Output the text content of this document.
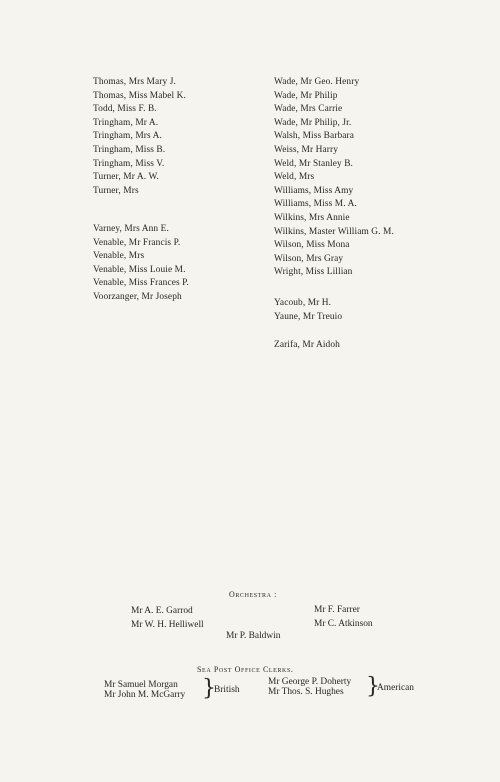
Thomas, Mrs Mary J.
Thomas, Miss Mabel K.
Todd, Miss F. B.
Tringham, Mr A.
Tringham, Mrs A.
Tringham, Miss B.
Tringham, Miss V.
Turner, Mr A. W.
Turner, Mrs
Varney, Mrs Ann E.
Venable, Mr Francis P.
Venable, Mrs
Venable, Miss Louie M.
Venable, Miss Frances P.
Voorzanger, Mr Joseph
Wade, Mr Geo. Henry
Wade, Mr Philip
Wade, Mrs Carrie
Wade, Mr Philip, Jr.
Walsh, Miss Barbara
Weiss, Mr Harry
Weld, Mr Stanley B.
Weld, Mrs
Williams, Miss Amy
Williams, Miss M. A.
Wilkins, Mrs Annie
Wilkins, Master William G. M.
Wilson, Miss Mona
Wilson, Mrs Gray
Wright, Miss Lillian
Yacoub, Mr H.
Yaune, Mr Treuio
Zarifa, Mr Aidoh
Orchestra :
Mr A. E. Garrod
Mr W. H. Helliwell
Mr P. Baldwin
Mr F. Farrer
Mr C. Atkinson
Sea Post Office Clerks.
Mr Samuel Morgan
Mr John M. McGarry }
British
Mr George P. Doherty
Mr Thos. S. Hughes	}
American
